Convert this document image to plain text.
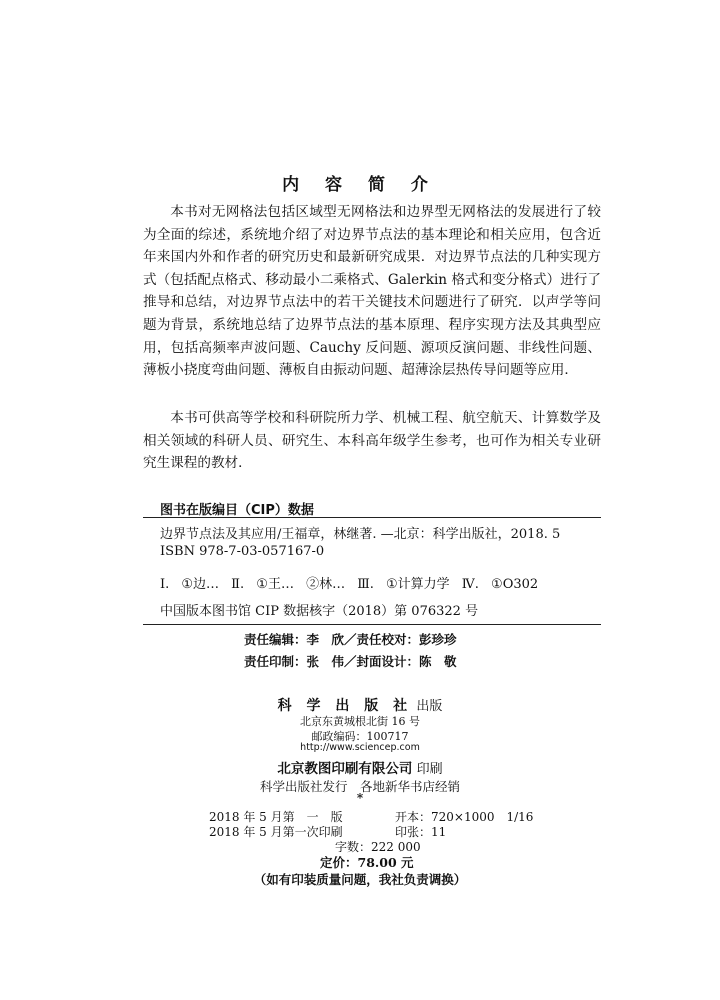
内 容 简 介

本书对无网格法包括区域型无网格法和边界型无网格法的发展进行了较为全面的综述，系统地介绍了对边界节点法的基本理论和相关应用，包含近年来国内外和作者的研究历史和最新研究成果．对边界节点法的几种实现方式（包括配点格式、移动最小二乘格式、Galerkin 格式和变分格式）进行了推导和总结，对边界节点法中的若干关键技术问题进行了研究．以声学等问题为背景，系统地总结了边界节点法的基本原理、程序实现方法及其典型应用，包括高频率声波问题、Cauchy 反问题、源项反演问题、非线性问题、薄板小挠度弯曲问题、薄板自由振动问题、超薄涂层热传导问题等应用．

本书可供高等学校和科研院所力学、机械工程、航空航天、计算数学及相关领域的科研人员、研究生、本科高年级学生参考，也可作为相关专业研究生课程的教材．

图书在版编目（CIP）数据
边界节点法及其应用/王福章，林继著. —北京：科学出版社，2018. 5
ISBN 978-7-03-057167-0
Ⅰ. ①边… Ⅱ. ①王… ②林… Ⅲ. ①计算力学 Ⅳ. ①O302
中国版本图书馆 CIP 数据核字（2018）第 076322 号
责任编辑：李　欣／责任校对：彭珍珍
责任印制：张　伟／封面设计：陈　敬
科 学 出 版 社 出版
北京东黄城根北街 16 号
邮政编码：100717
http://www.sciencep.com
北京教图印刷有限公司 印刷
科学出版社发行　各地新华书店经销
*
2018 年 5 月第　一　版	开本：720×1000　1/16
2018 年 5 月第一次印刷	印张：11
字数：222 000
定价：78.00 元
（如有印装质量问题，我社负责调换）
